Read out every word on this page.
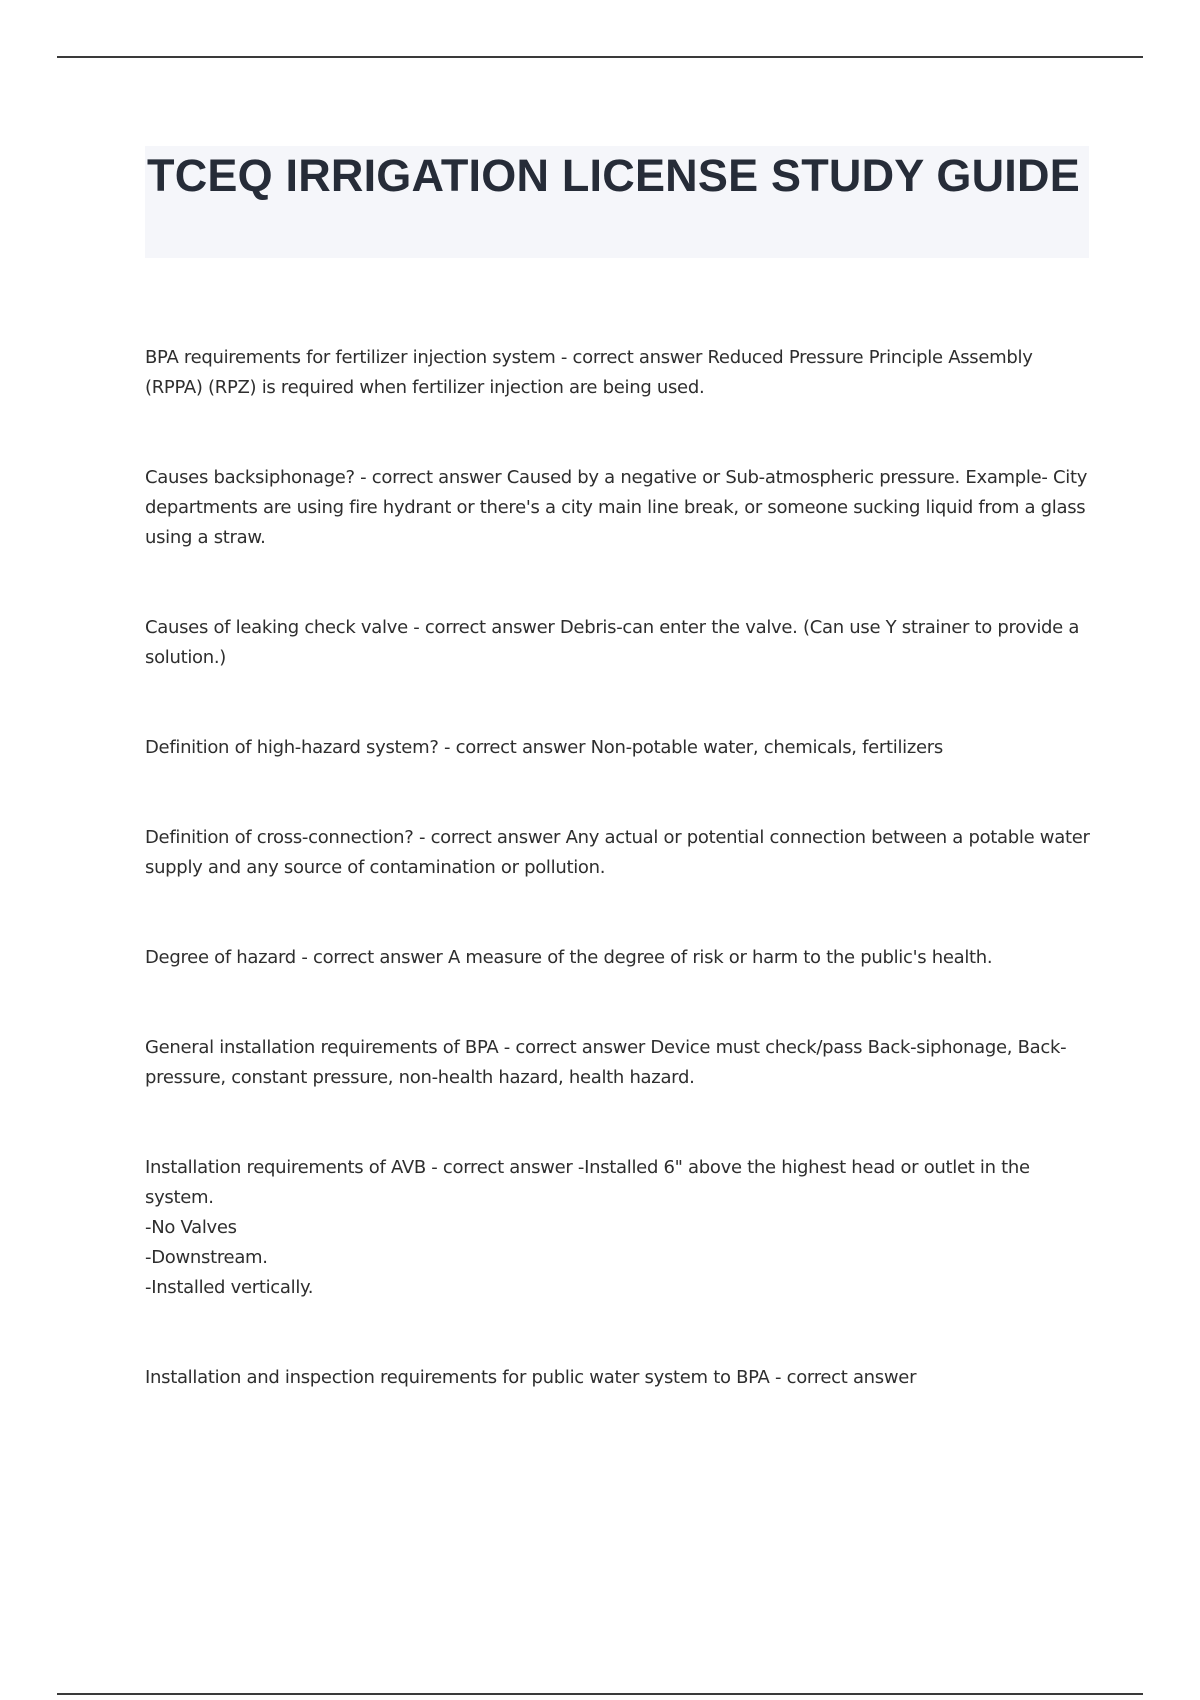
TCEQ IRRIGATION LICENSE STUDY GUIDE

BPA requirements for fertilizer injection system - correct answer Reduced Pressure Principle Assembly (RPPA) (RPZ) is required when fertilizer injection are being used.

Causes backsiphonage? - correct answer Caused by a negative or Sub-atmospheric pressure. Example- City departments are using fire hydrant or there's a city main line break, or someone sucking liquid from a glass using a straw.

Causes of leaking check valve - correct answer Debris-can enter the valve. (Can use Y strainer to provide a solution.)

Definition of high-hazard system? - correct answer Non-potable water, chemicals, fertilizers

Definition of cross-connection? - correct answer Any actual or potential connection between a potable water supply and any source of contamination or pollution.

Degree of hazard - correct answer A measure of the degree of risk or harm to the public's health.

General installation requirements of BPA - correct answer Device must check/pass Back-siphonage, Back-pressure, constant pressure, non-health hazard, health hazard.

Installation requirements of AVB - correct answer -Installed 6" above the highest head or outlet in the system.

-No Valves

-Downstream.

-Installed vertically.

Installation and inspection requirements for public water system to BPA - correct answer
